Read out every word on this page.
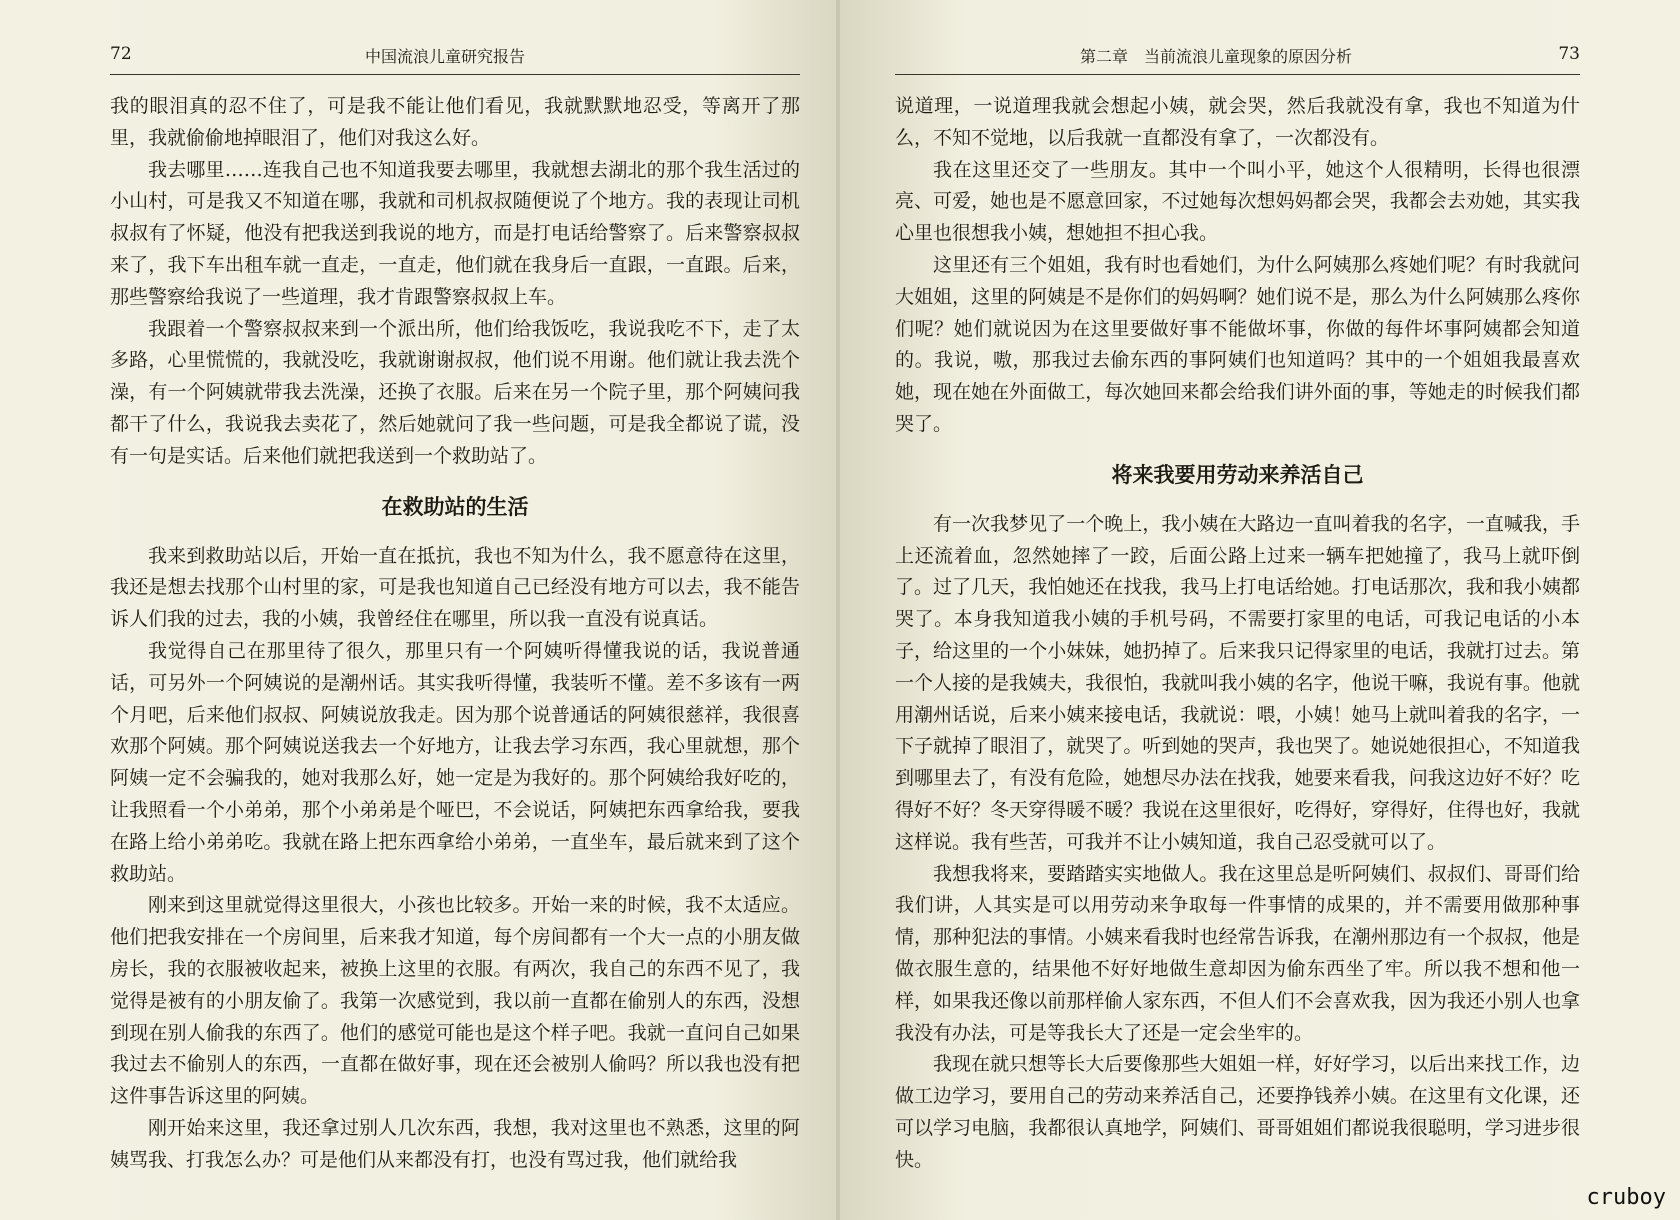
72	中国流浪儿童研究报告

我的眼泪真的忍不住了，可是我不能让他们看见，我就默默地忍受，等离开了那里，我就偷偷地掉眼泪了，他们对我这么好。

我去哪里……连我自己也不知道我要去哪里，我就想去湖北的那个我生活过的小山村，可是我又不知道在哪，我就和司机叔叔随便说了个地方。我的表现让司机叔叔有了怀疑，他没有把我送到我说的地方，而是打电话给警察了。后来警察叔叔来了，我下车出租车就一直走，一直走，他们就在我身后一直跟，一直跟。后来，那些警察给我说了一些道理，我才肯跟警察叔叔上车。

我跟着一个警察叔叔来到一个派出所，他们给我饭吃，我说我吃不下，走了太多路，心里慌慌的，我就没吃，我就谢谢叔叔，他们说不用谢。他们就让我去洗个澡，有一个阿姨就带我去洗澡，还换了衣服。后来在另一个院子里，那个阿姨问我都干了什么，我说我去卖花了，然后她就问了我一些问题，可是我全都说了谎，没有一句是实话。后来他们就把我送到一个救助站了。

在救助站的生活

我来到救助站以后，开始一直在抵抗，我也不知为什么，我不愿意待在这里，我还是想去找那个山村里的家，可是我也知道自己已经没有地方可以去，我不能告诉人们我的过去，我的小姨，我曾经住在哪里，所以我一直没有说真话。

我觉得自己在那里待了很久，那里只有一个阿姨听得懂我说的话，我说普通话，可另外一个阿姨说的是潮州话。其实我听得懂，我装听不懂。差不多该有一两个月吧，后来他们叔叔、阿姨说放我走。因为那个说普通话的阿姨很慈祥，我很喜欢那个阿姨。那个阿姨说送我去一个好地方，让我去学习东西，我心里就想，那个阿姨一定不会骗我的，她对我那么好，她一定是为我好的。那个阿姨给我好吃的，让我照看一个小弟弟，那个小弟弟是个哑巴，不会说话，阿姨把东西拿给我，要我在路上给小弟弟吃。我就在路上把东西拿给小弟弟，一直坐车，最后就来到了这个救助站。

刚来到这里就觉得这里很大，小孩也比较多。开始一来的时候，我不太适应。他们把我安排在一个房间里，后来我才知道，每个房间都有一个大一点的小朋友做房长，我的衣服被收起来，被换上这里的衣服。有两次，我自己的东西不见了，我觉得是被有的小朋友偷了。我第一次感觉到，我以前一直都在偷别人的东西，没想到现在别人偷我的东西了。他们的感觉可能也是这个样子吧。我就一直问自己如果我过去不偷别人的东西，一直都在做好事，现在还会被别人偷吗？所以我也没有把这件事告诉这里的阿姨。

刚开始来这里，我还拿过别人几次东西，我想，我对这里也不熟悉，这里的阿姨骂我、打我怎么办？可是他们从来都没有打，也没有骂过我，他们就给我

第二章　当前流浪儿童现象的原因分析	73

说道理，一说道理我就会想起小姨，就会哭，然后我就没有拿，我也不知道为什么，不知不觉地，以后我就一直都没有拿了，一次都没有。

我在这里还交了一些朋友。其中一个叫小平，她这个人很精明，长得也很漂亮、可爱，她也是不愿意回家，不过她每次想妈妈都会哭，我都会去劝她，其实我心里也很想我小姨，想她担不担心我。

这里还有三个姐姐，我有时也看她们，为什么阿姨那么疼她们呢？有时我就问大姐姐，这里的阿姨是不是你们的妈妈啊？她们说不是，那么为什么阿姨那么疼你们呢？她们就说因为在这里要做好事不能做坏事，你做的每件坏事阿姨都会知道的。我说，嗷，那我过去偷东西的事阿姨们也知道吗？其中的一个姐姐我最喜欢她，现在她在外面做工，每次她回来都会给我们讲外面的事，等她走的时候我们都哭了。

将来我要用劳动来养活自己

有一次我梦见了一个晚上，我小姨在大路边一直叫着我的名字，一直喊我，手上还流着血，忽然她摔了一跤，后面公路上过来一辆车把她撞了，我马上就吓倒了。过了几天，我怕她还在找我，我马上打电话给她。打电话那次，我和我小姨都哭了。本身我知道我小姨的手机号码，不需要打家里的电话，可我记电话的小本子，给这里的一个小妹妹，她扔掉了。后来我只记得家里的电话，我就打过去。第一个人接的是我姨夫，我很怕，我就叫我小姨的名字，他说干嘛，我说有事。他就用潮州话说，后来小姨来接电话，我就说：喂，小姨！她马上就叫着我的名字，一下子就掉了眼泪了，就哭了。听到她的哭声，我也哭了。她说她很担心，不知道我到哪里去了，有没有危险，她想尽办法在找我，她要来看我，问我这边好不好？吃得好不好？冬天穿得暖不暖？我说在这里很好，吃得好，穿得好，住得也好，我就这样说。我有些苦，可我并不让小姨知道，我自己忍受就可以了。

我想我将来，要踏踏实实地做人。我在这里总是听阿姨们、叔叔们、哥哥们给我们讲，人其实是可以用劳动来争取每一件事情的成果的，并不需要用做那种事情，那种犯法的事情。小姨来看我时也经常告诉我，在潮州那边有一个叔叔，他是做衣服生意的，结果他不好好地做生意却因为偷东西坐了牢。所以我不想和他一样，如果我还像以前那样偷人家东西，不但人们不会喜欢我，因为我还小别人也拿我没有办法，可是等我长大了还是一定会坐牢的。

我现在就只想等长大后要像那些大姐姐一样，好好学习，以后出来找工作，边做工边学习，要用自己的劳动来养活自己，还要挣钱养小姨。在这里有文化课，还可以学习电脑，我都很认真地学，阿姨们、哥哥姐姐们都说我很聪明，学习进步很快。

cruboy
